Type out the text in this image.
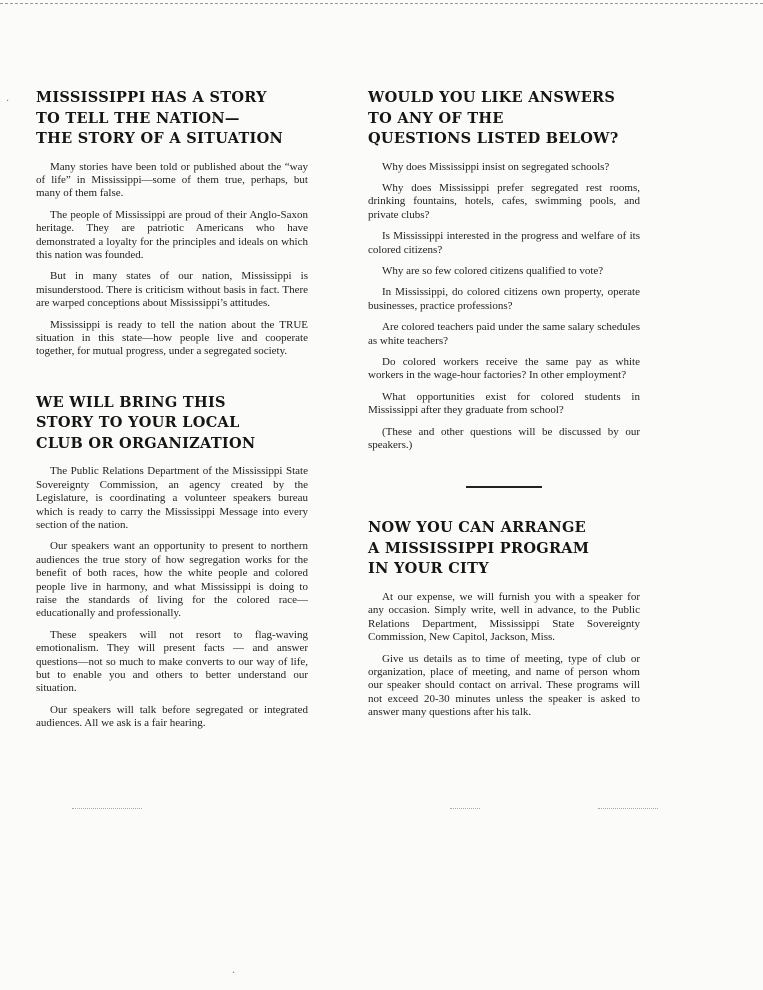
MISSISSIPPI HAS A STORY
TO TELL THE NATION—
THE STORY OF A SITUATION

Many stories have been told or published about the “way of life” in Mississippi—some of them true, perhaps, but many of them false.

The people of Mississippi are proud of their Anglo-Saxon heritage. They are patriotic Americans who have demonstrated a loyalty for the principles and ideals on which this nation was founded.

But in many states of our nation, Mississippi is misunderstood. There is criticism without basis in fact. There are warped conceptions about Mississippi’s attitudes.

Mississippi is ready to tell the nation about the TRUE situation in this state—how people live and cooperate together, for mutual progress, under a segregated society.

WE WILL BRING THIS
STORY TO YOUR LOCAL
CLUB OR ORGANIZATION

The Public Relations Department of the Mississippi State Sovereignty Commission, an agency created by the Legislature, is coordinating a volunteer speakers bureau which is ready to carry the Mississippi Message into every section of the nation.

Our speakers want an opportunity to present to northern audiences the true story of how segregation works for the benefit of both races, how the white people and colored people live in harmony, and what Mississippi is doing to raise the standards of living for the colored race—educationally and professionally.

These speakers will not resort to flag-waving emotionalism. They will present facts — and answer questions—not so much to make converts to our way of life, but to enable you and others to better understand our situation.

Our speakers will talk before segregated or integrated audiences. All we ask is a fair hearing.

WOULD YOU LIKE ANSWERS
TO ANY OF THE
QUESTIONS LISTED BELOW?

Why does Mississippi insist on segregated schools?

Why does Mississippi prefer segregated rest rooms, drinking fountains, hotels, cafes, swimming pools, and private clubs?

Is Mississippi interested in the progress and welfare of its colored citizens?

Why are so few colored citizens qualified to vote?

In Mississippi, do colored citizens own property, operate businesses, practice professions?

Are colored teachers paid under the same salary schedules as white teachers?

Do colored workers receive the same pay as white workers in the wage-hour factories? In other employment?

What opportunities exist for colored students in Mississippi after they graduate from school?

(These and other questions will be discussed by our speakers.)

NOW YOU CAN ARRANGE
A MISSISSIPPI PROGRAM
IN YOUR CITY

At our expense, we will furnish you with a speaker for any occasion. Simply write, well in advance, to the Public Relations Department, Mississippi State Sovereignty Commission, New Capitol, Jackson, Miss.

Give us details as to time of meeting, type of club or organization, place of meeting, and name of person whom our speaker should contact on arrival. These programs will not exceed 20-30 minutes unless the speaker is asked to answer many questions after his talk.

·
·
